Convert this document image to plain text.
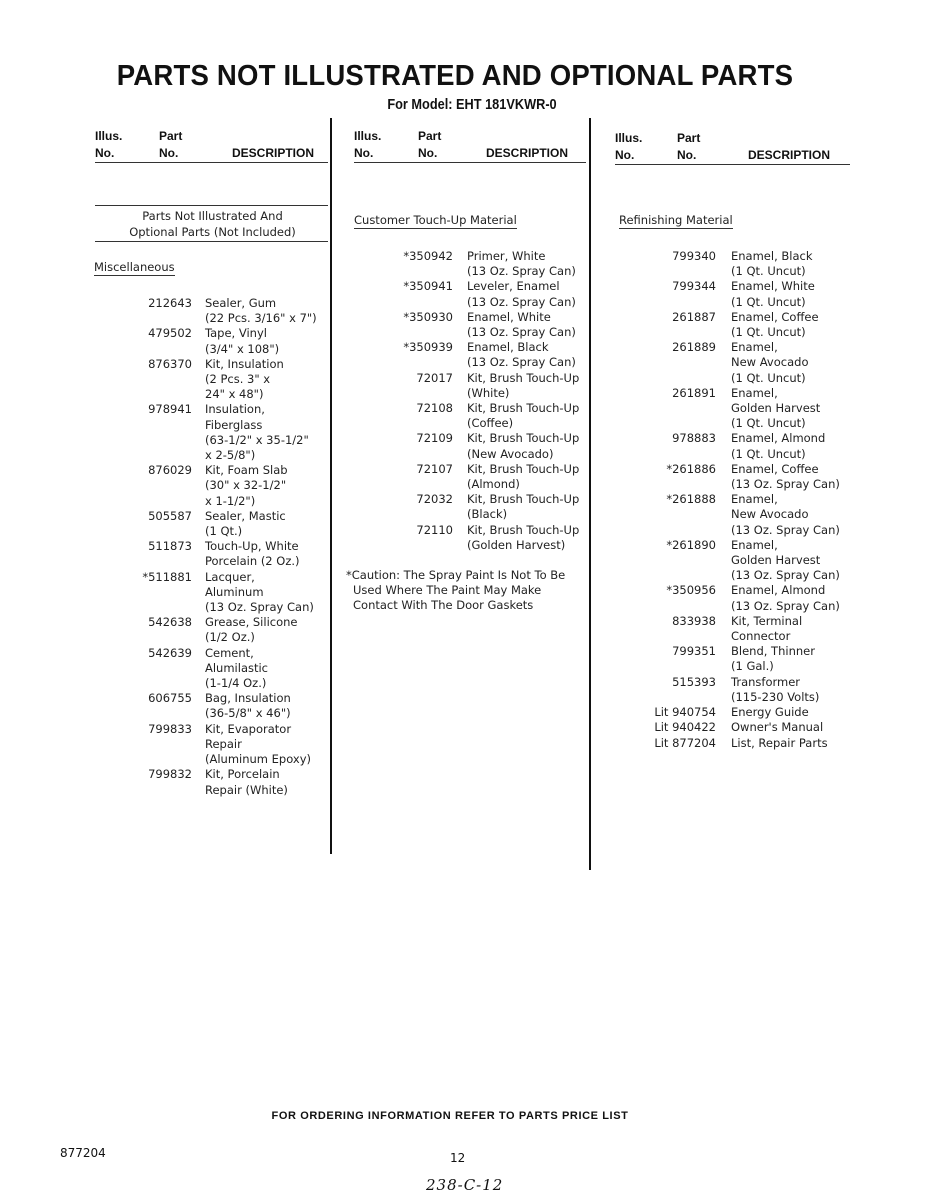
PARTS NOT ILLUSTRATED AND OPTIONAL PARTS
For Model: EHT 181VKWR-0
Illus.
No.
Part
No.	DESCRIPTION
Illus.
No.
Part
No.	DESCRIPTION
Illus.
No.
Part
No.	DESCRIPTION
Parts Not Illustrated And
Optional Parts (Not Included)
Miscellaneous
212643 Sealer, Gum
(22 Pcs. 3/16" x 7")
479502 Tape, Vinyl
(3/4" x 108")
876370 Kit, Insulation
(2 Pcs. 3" x
24" x 48")
978941 Insulation,
Fiberglass
(63-1/2" x 35-1/2"
x 2-5/8")
876029 Kit, Foam Slab
(30" x 32-1/2"
x 1-1/2")
505587 Sealer, Mastic
(1 Qt.)
511873 Touch-Up, White
Porcelain (2 Oz.)
*511881 Lacquer,
Aluminum
(13 Oz. Spray Can)
542638 Grease, Silicone
(1/2 Oz.)
542639 Cement,
Alumilastic
(1-1/4 Oz.)
606755 Bag, Insulation
(36-5/8" x 46")
799833 Kit, Evaporator
Repair
(Aluminum Epoxy)
799832 Kit, Porcelain
Repair (White)
Customer Touch-Up Material
*350942 Primer, White
(13 Oz. Spray Can)
*350941 Leveler, Enamel
(13 Oz. Spray Can)
*350930 Enamel, White
(13 Oz. Spray Can)
*350939 Enamel, Black
(13 Oz. Spray Can)
72017 Kit, Brush Touch-Up
(White)
72108 Kit, Brush Touch-Up
(Coffee)
72109 Kit, Brush Touch-Up
(New Avocado)
72107 Kit, Brush Touch-Up
(Almond)
72032 Kit, Brush Touch-Up
(Black)
72110 Kit, Brush Touch-Up
(Golden Harvest)
*Caution: The Spray Paint Is Not To Be
Used Where The Paint May Make
Contact With The Door Gaskets
Refinishing Material
799340 Enamel, Black
(1 Qt. Uncut)
799344 Enamel, White
(1 Qt. Uncut)
261887 Enamel, Coffee
(1 Qt. Uncut)
261889 Enamel,
New Avocado
(1 Qt. Uncut)
261891 Enamel,
Golden Harvest
(1 Qt. Uncut)
978883 Enamel, Almond
(1 Qt. Uncut)
*261886 Enamel, Coffee
(13 Oz. Spray Can)
*261888 Enamel,
New Avocado
(13 Oz. Spray Can)
*261890 Enamel,
Golden Harvest
(13 Oz. Spray Can)
*350956 Enamel, Almond
(13 Oz. Spray Can)
833938 Kit, Terminal
Connector
799351 Blend, Thinner
(1 Gal.)
515393 Transformer
(115-230 Volts)
Lit 940754 Energy Guide
Lit 940422 Owner's Manual
Lit 877204 List, Repair Parts
FOR ORDERING INFORMATION REFER TO PARTS PRICE LIST
877204	12
238-C-12
